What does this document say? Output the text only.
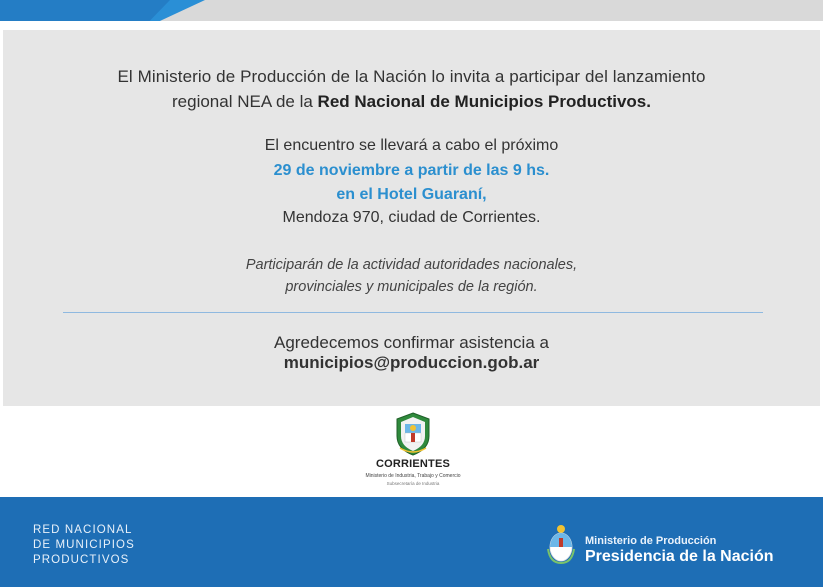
El Ministerio de Producción de la Nación lo invita a participar del lanzamiento
regional NEA de la Red Nacional de Municipios Productivos.
El encuentro se llevará a cabo el próximo
29 de noviembre a partir de las 9 hs.
en el Hotel Guaraní,
Mendoza 970, ciudad de Corrientes.
Participarán de la actividad autoridades nacionales,
provinciales y municipales de la región.
Agredecemos confirmar asistencia a
municipios@produccion.gob.ar
CORRIENTES
Ministerio de Industria, Trabajo y Comercio
Subsecretaría de Industria
RED NACIONAL
DE MUNICIPIOS
PRODUCTIVOS
Ministerio de Producción
Presidencia de la Nación
